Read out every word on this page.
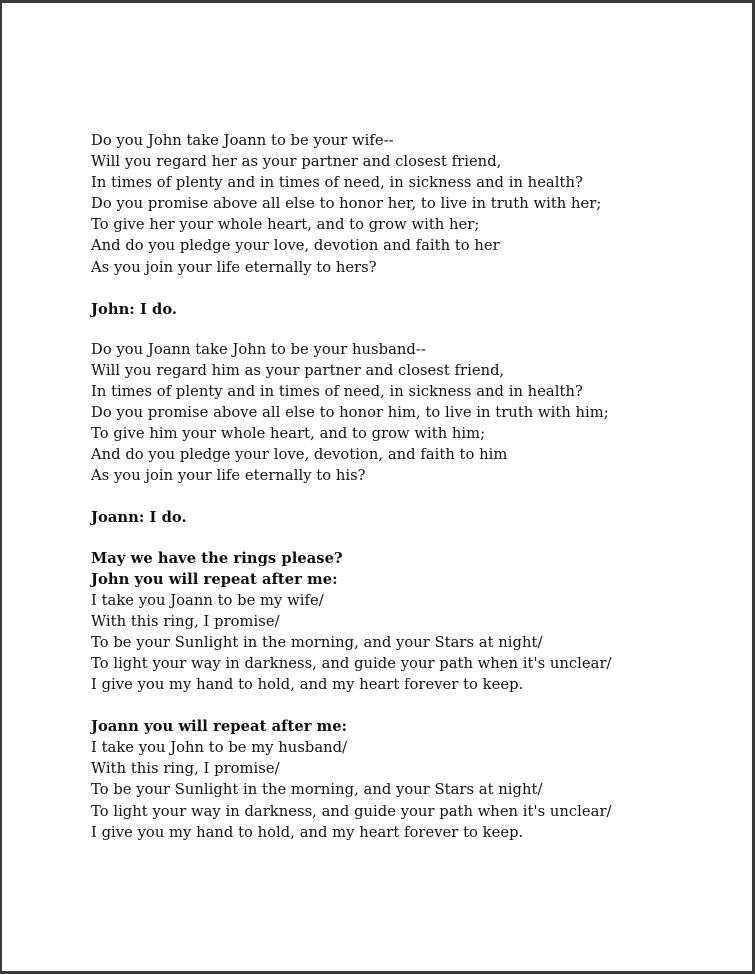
Do you John take Joann to be your wife--
Will you regard her as your partner and closest friend,
In times of plenty and in times of need, in sickness and in health?
Do you promise above all else to honor her, to live in truth with her;
To give her your whole heart, and to grow with her;
And do you pledge your love, devotion and faith to her
As you join your life eternally to hers?
John: I do.
Do you Joann take John to be your husband--
Will you regard him as your partner and closest friend,
In times of plenty and in times of need, in sickness and in health?
Do you promise above all else to honor him, to live in truth with him;
To give him your whole heart, and to grow with him;
And do you pledge your love, devotion, and faith to him
As you join your life eternally to his?
Joann: I do.
May we have the rings please?
John you will repeat after me:
I take you Joann to be my wife/
With this ring, I promise/
To be your Sunlight in the morning, and your Stars at night/
To light your way in darkness, and guide your path when it's unclear/
I give you my hand to hold, and my heart forever to keep.
Joann you will repeat after me:
I take you John to be my husband/
With this ring, I promise/
To be your Sunlight in the morning, and your Stars at night/
To light your way in darkness, and guide your path when it's unclear/
I give you my hand to hold, and my heart forever to keep.
